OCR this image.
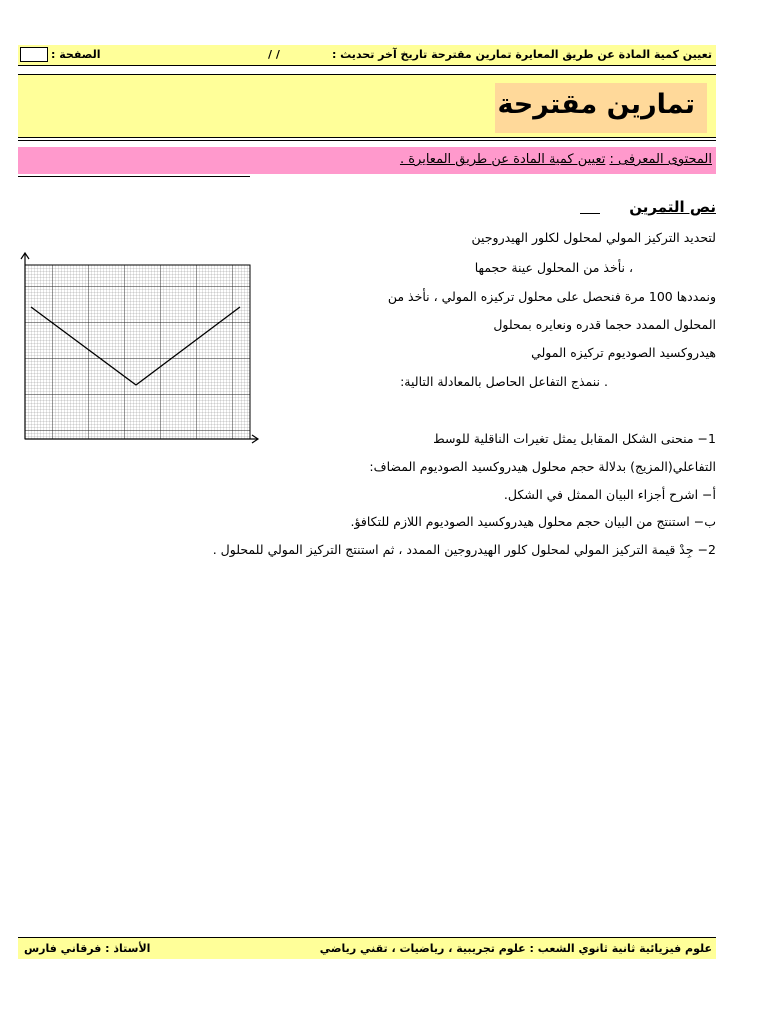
تعيين كمية المادة عن طريق المعايرة تمارين مقترحة تاريخ آخر تحديث :
/ /
الصفحة :
تمارين مقترحة
المحتوى المعرفى : تعيين كمية المادة عن طريق المعايرة .
نص التمرين
لتحديد التركيز المولي لمحلول لكلور الهيدروجين
، نأخذ من المحلول عينة حجمها
ونمددها 100 مرة فنحصل على محلول تركيزه المولي ، نأخذ من
المحلول الممدد حجما قدره ونعايره بمحلول
هيدروكسيد الصوديوم تركيزه المولي
. ننمذج التفاعل الحاصل بالمعادلة التالية:
1− منحنى الشكل المقابل يمثل تغيرات الناقلية للوسط
التفاعلي(المزيج) بدلالة حجم محلول هيدروكسيد الصوديوم المضاف:
أ− اشرح أجزاء البيان الممثل في الشكل.
ب− استنتج من البيان حجم محلول هيدروكسيد الصوديوم اللازم للتكافؤ.
2− جِدْ قيمة التركيز المولي لمحلول كلور الهيدروجين الممدد ، ثم استنتج التركيز المولي للمحلول .
علوم فيزيائية ثانية ثانوي الشعب : علوم تجريبية ، رياضيات ، تقني رياضي
الأستاذ : فرقاني فارس
